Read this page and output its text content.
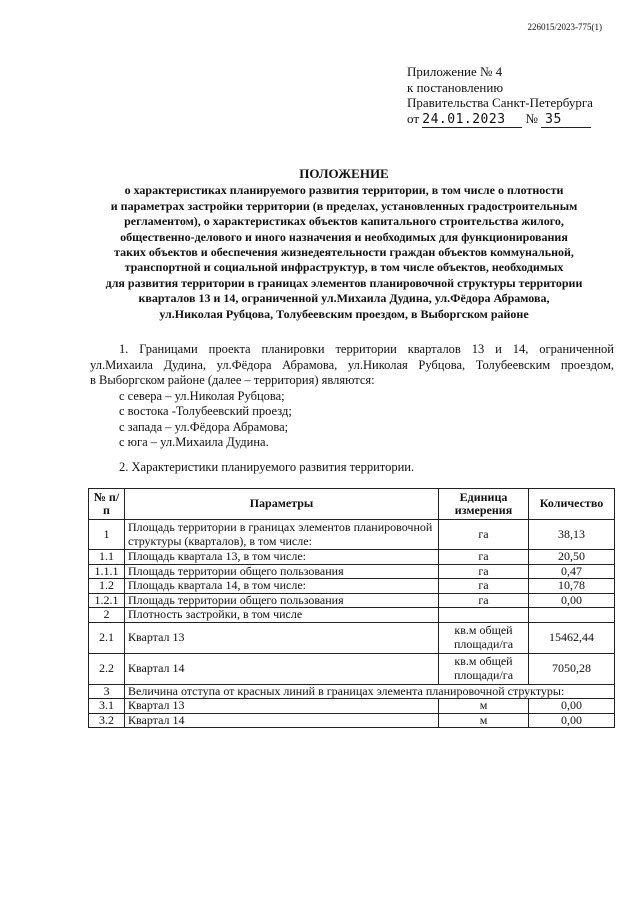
226015/2023-775(1)
Приложение № 4
к постановлению
Правительства Санкт-Петербурга
от 24.01.2023 № 35
ПОЛОЖЕНИЕ
о характеристиках планируемого развития территории, в том числе о плотности
и параметрах застройки территории (в пределах, установленных градостроительным
регламентом), о характеристиках объектов капитального строительства жилого,
общественно-делового и иного назначения и необходимых для функционирования
таких объектов и обеспечения жизнедеятельности граждан объектов коммунальной,
транспортной и социальной инфраструктур, в том числе объектов, необходимых
для развития территории в границах элементов планировочной структуры территории
кварталов 13 и 14, ограниченной ул.Михаила Дудина, ул.Фёдора Абрамова,
ул.Николая Рубцова, Толубеевским проездом, в Выборгском районе
1. Границами проекта планировки территории кварталов 13 и 14, ограниченной
ул.Михаила Дудина, ул.Фёдора Абрамова, ул.Николая Рубцова, Толубеевским проездом,
в Выборгском районе (далее – территория) являются:
с севера – ул.Николая Рубцова;
с востока -Толубеевский проезд;
с запада – ул.Фёдора Абрамова;
с юга – ул.Михаила Дудина.
2. Характеристики планируемого развития территории.
№ п/п	Параметры	Единица измерения	Количество
1	Площадь территории в границах элементов планировочной структуры (кварталов), в том числе:	га	38,13
1.1	Площадь квартала 13, в том числе:	га	20,50
1.1.1	Площадь территории общего пользования	га	0,47
1.2	Площадь квартала 14, в том числе:	га	10,78
1.2.1	Площадь территории общего пользования	га	0,00
2	Плотность застройки, в том числе		
2.1	Квартал 13	кв.м общей площади/га	15462,44
2.2	Квартал 14	кв.м общей площади/га	7050,28
3	Величина отступа от красных линий в границах элемента планировочной структуры:		
3.1	Квартал 13	м	0,00
3.2	Квартал 14	м	0,00
